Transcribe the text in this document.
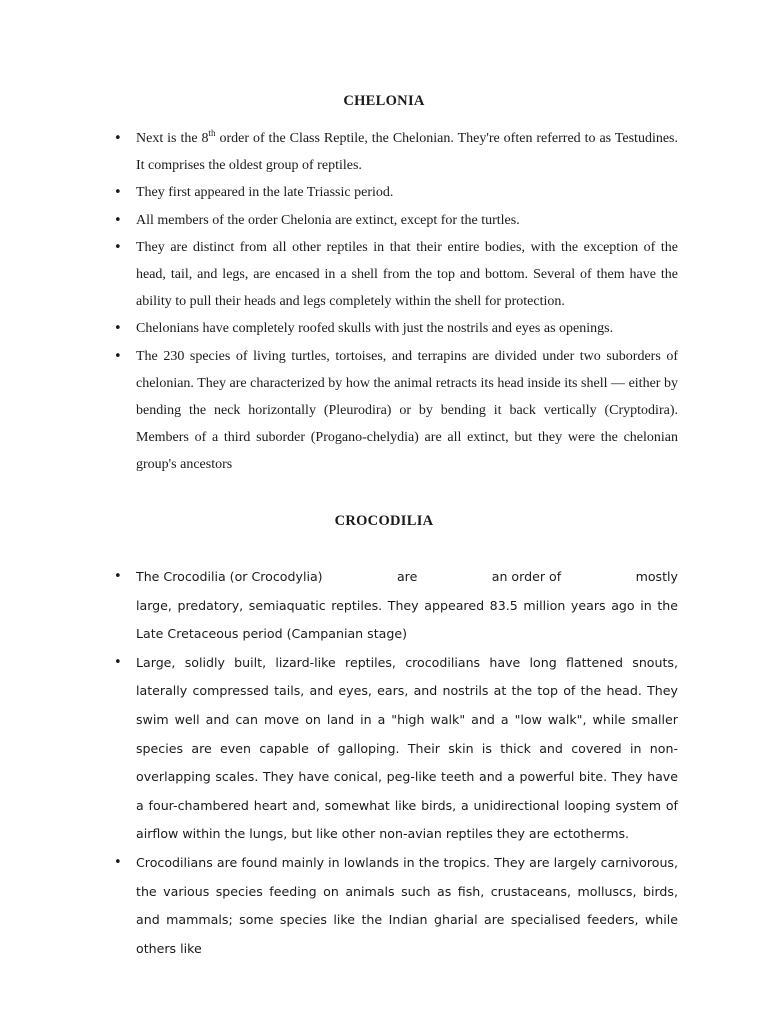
CHELONIA
• Next is the 8th order of the Class Reptile, the Chelonian. They're often referred to as Testudines. It comprises the oldest group of reptiles.
• They first appeared in the late Triassic period.
• All members of the order Chelonia are extinct, except for the turtles.
• They are distinct from all other reptiles in that their entire bodies, with the exception of the head, tail, and legs, are encased in a shell from the top and bottom. Several of them have the ability to pull their heads and legs completely within the shell for protection.
• Chelonians have completely roofed skulls with just the nostrils and eyes as openings.
• The 230 species of living turtles, tortoises, and terrapins are divided under two suborders of chelonian. They are characterized by how the animal retracts its head inside its shell — either by bending the neck horizontally (Pleurodira) or by bending it back vertically (Cryptodira). Members of a third suborder (Progano-chelydia) are all extinct, but they were the chelonian group's ancestors
CROCODILIA
• The Crocodilia (or Crocodylia)	are	an order of	mostly
large, predatory, semiaquatic reptiles. They appeared 83.5 million years ago in the Late Cretaceous period (Campanian stage)
• Large, solidly built, lizard-like reptiles, crocodilians have long flattened snouts, laterally compressed tails, and eyes, ears, and nostrils at the top of the head. They swim well and can move on land in a "high walk" and a "low walk", while smaller species are even capable of galloping. Their skin is thick and covered in non-overlapping scales. They have conical, peg-like teeth and a powerful bite. They have a four-chambered heart and, somewhat like birds, a unidirectional looping system of airflow within the lungs, but like other non-avian reptiles they are ectotherms.
• Crocodilians are found mainly in lowlands in the tropics. They are largely carnivorous, the various species feeding on animals such as fish, crustaceans, molluscs, birds, and mammals; some species like the Indian gharial are specialised feeders, while others like
